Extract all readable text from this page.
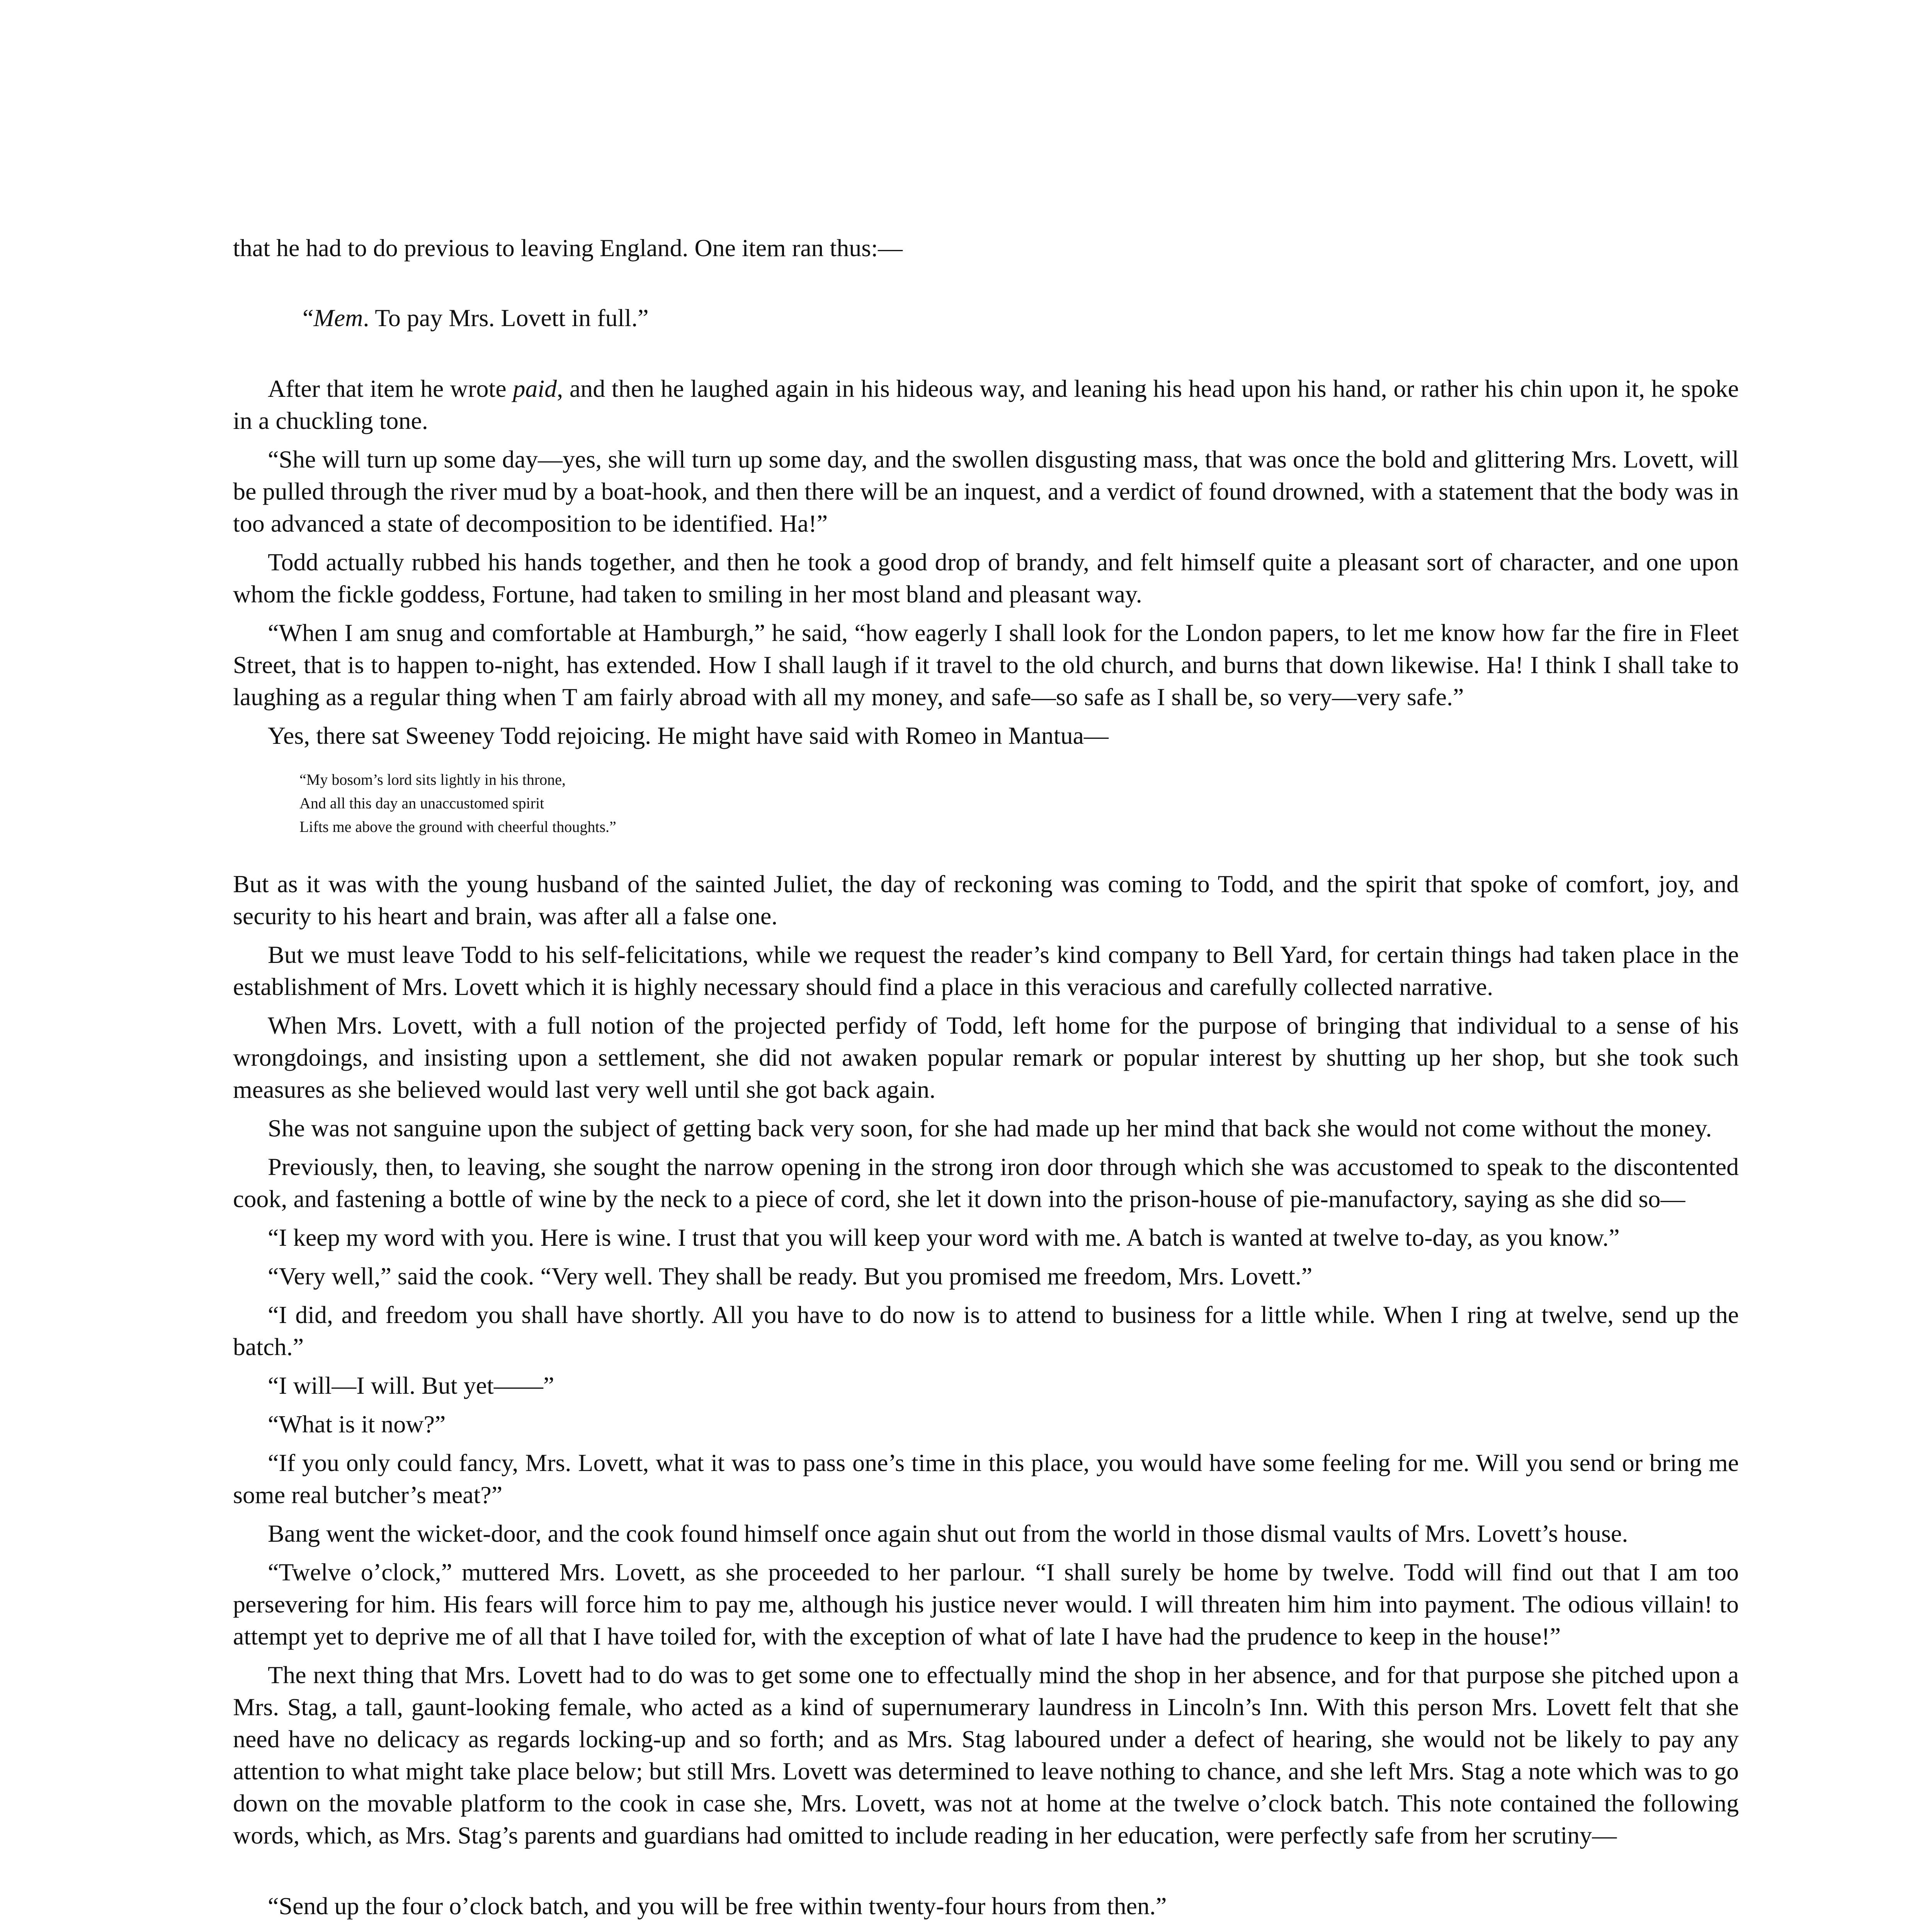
that he had to do previous to leaving England. One item ran thus:—

“Mem. To pay Mrs. Lovett in full.”

After that item he wrote paid, and then he laughed again in his hideous way, and leaning his head upon his hand, or rather his chin upon it, he spoke in a chuckling tone.

“She will turn up some day—yes, she will turn up some day, and the swollen disgusting mass, that was once the bold and glittering Mrs. Lovett, will be pulled through the river mud by a boat-hook, and then there will be an inquest, and a verdict of found drowned, with a statement that the body was in too advanced a state of decomposition to be identified. Ha!”

Todd actually rubbed his hands together, and then he took a good drop of brandy, and felt himself quite a pleasant sort of character, and one upon whom the fickle goddess, Fortune, had taken to smiling in her most bland and pleasant way.

“When I am snug and comfortable at Hamburgh,” he said, “how eagerly I shall look for the London papers, to let me know how far the fire in Fleet Street, that is to happen to-night, has extended. How I shall laugh if it travel to the old church, and burns that down likewise. Ha! I think I shall take to laughing as a regular thing when T am fairly abroad with all my money, and safe—so safe as I shall be, so very—very safe.”

Yes, there sat Sweeney Todd rejoicing. He might have said with Romeo in Mantua—

“My bosom’s lord sits lightly in his throne,
And all this day an unaccustomed spirit
Lifts me above the ground with cheerful thoughts.”

But as it was with the young husband of the sainted Juliet, the day of reckoning was coming to Todd, and the spirit that spoke of comfort, joy, and security to his heart and brain, was after all a false one.

But we must leave Todd to his self-felicitations, while we request the reader’s kind company to Bell Yard, for certain things had taken place in the establishment of Mrs. Lovett which it is highly necessary should find a place in this veracious and carefully collected narrative.

When Mrs. Lovett, with a full notion of the projected perfidy of Todd, left home for the purpose of bringing that individual to a sense of his wrongdoings, and insisting upon a settlement, she did not awaken popular remark or popular interest by shutting up her shop, but she took such measures as she believed would last very well until she got back again.

She was not sanguine upon the subject of getting back very soon, for she had made up her mind that back she would not come without the money.

Previously, then, to leaving, she sought the narrow opening in the strong iron door through which she was accustomed to speak to the discontented cook, and fastening a bottle of wine by the neck to a piece of cord, she let it down into the prison-house of pie-manufactory, saying as she did so—

“I keep my word with you. Here is wine. I trust that you will keep your word with me. A batch is wanted at twelve to-day, as you know.”

“Very well,” said the cook. “Very well. They shall be ready. But you promised me freedom, Mrs. Lovett.”

“I did, and freedom you shall have shortly. All you have to do now is to attend to business for a little while. When I ring at twelve, send up the batch.”

“I will—I will. But yet——”

“What is it now?”

“If you only could fancy, Mrs. Lovett, what it was to pass one’s time in this place, you would have some feeling for me. Will you send or bring me some real butcher’s meat?”

Bang went the wicket-door, and the cook found himself once again shut out from the world in those dismal vaults of Mrs. Lovett’s house.

“Twelve o’clock,” muttered Mrs. Lovett, as she proceeded to her parlour. “I shall surely be home by twelve. Todd will find out that I am too persevering for him. His fears will force him to pay me, although his justice never would. I will threaten him him into payment. The odious villain! to attempt yet to deprive me of all that I have toiled for, with the exception of what of late I have had the prudence to keep in the house!”

The next thing that Mrs. Lovett had to do was to get some one to effectually mind the shop in her absence, and for that purpose she pitched upon a Mrs. Stag, a tall, gaunt-looking female, who acted as a kind of supernumerary laundress in Lincoln’s Inn. With this person Mrs. Lovett felt that she need have no delicacy as regards locking-up and so forth; and as Mrs. Stag laboured under a defect of hearing, she would not be likely to pay any attention to what might take place below; but still Mrs. Lovett was determined to leave nothing to chance, and she left Mrs. Stag a note which was to go down on the movable platform to the cook in case she, Mrs. Lovett, was not at home at the twelve o’clock batch. This note contained the following words, which, as Mrs. Stag’s parents and guardians had omitted to include reading in her education, were perfectly safe from her scrutiny—

“Send up the four o’clock batch, and you will be free within twenty-four hours from then.”
